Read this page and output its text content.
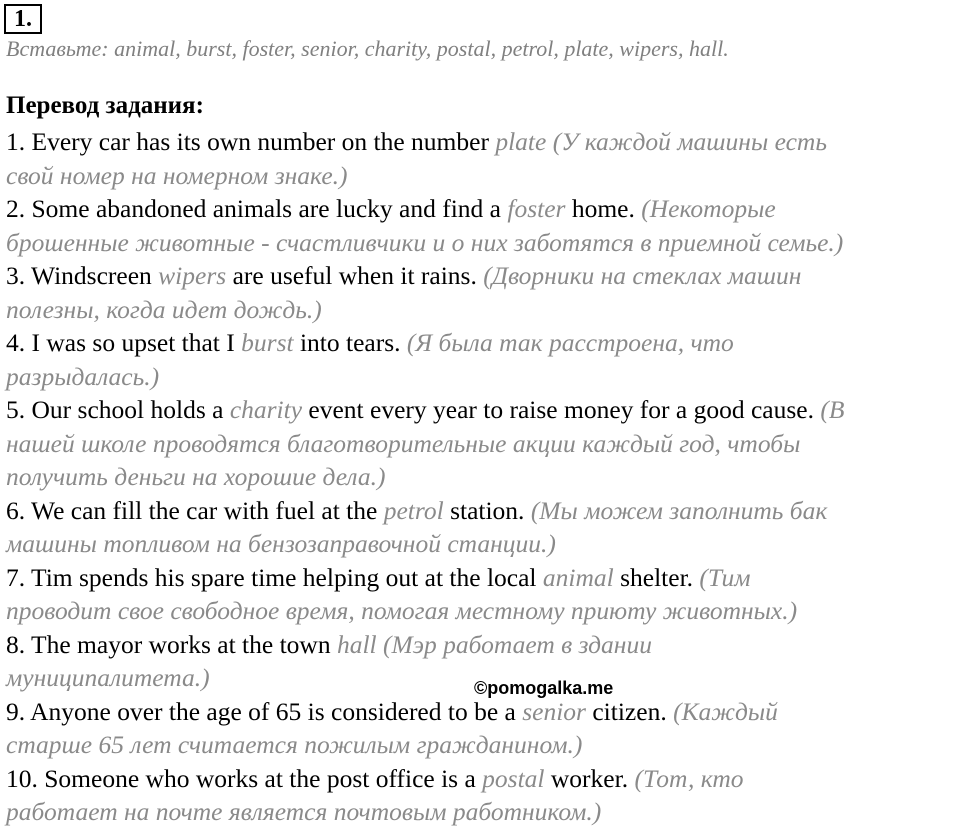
1.
Вставьте: animal, burst, foster, senior, charity, postal, petrol, plate, wipers, hall.
Перевод задания:
1. Every car has its own number on the number plate (У каждой машины есть
свой номер на номерном знаке.)
2. Some abandoned animals are lucky and find a foster home. (Некоторые
брошенные животные - счастливчики и о них заботятся в приемной семье.)
3. Windscreen wipers are useful when it rains. (Дворники на стеклах машин
полезны, когда идет дождь.)
4. I was so upset that I burst into tears. (Я была так расстроена, что
разрыдалась.)
5. Our school holds a charity event every year to raise money for a good cause. (В
нашей школе проводятся благотворительные акции каждый год, чтобы
получить деньги на хорошие дела.)
6. We can fill the car with fuel at the petrol station. (Мы можем заполнить бак
машины топливом на бензозаправочной станции.)
7. Tim spends his spare time helping out at the local animal shelter. (Тим
проводит свое свободное время, помогая местному приюту животных.)
8. The mayor works at the town hall (Мэр работает в здании
муниципалитета.)
9. Anyone over the age of 65 is considered to be a senior citizen. (Каждый
старше 65 лет считается пожилым гражданином.)
10. Someone who works at the post office is a postal worker. (Тот, кто
работает на почте является почтовым работником.)
©pomogalka.me
